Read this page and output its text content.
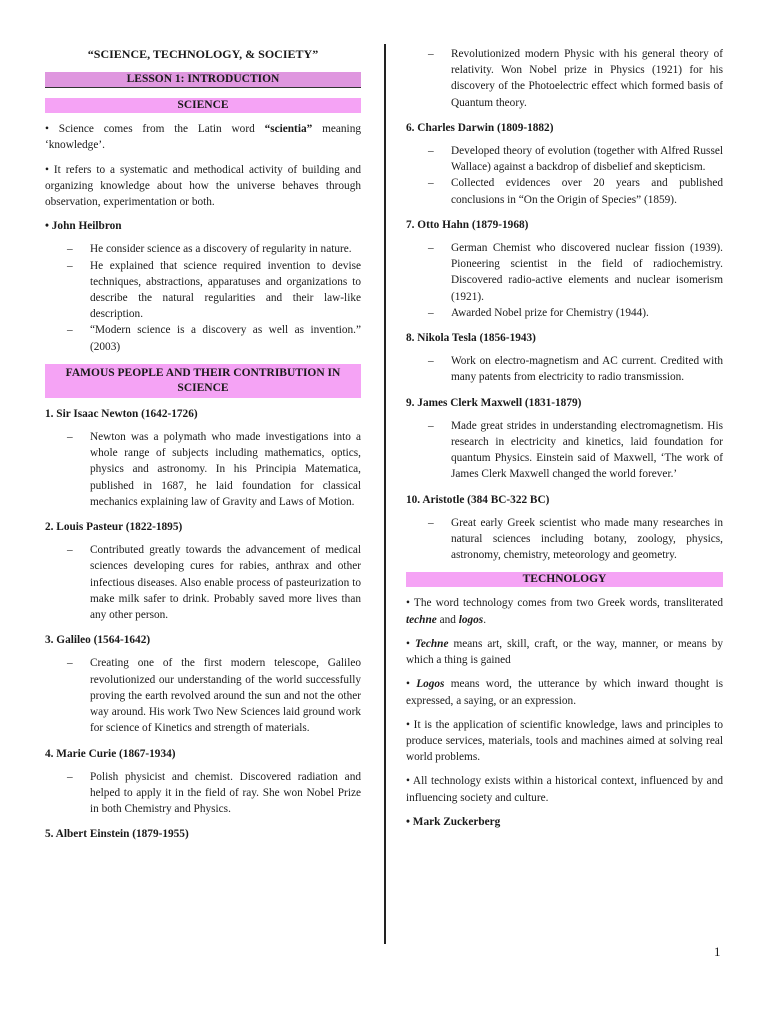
“SCIENCE, TECHNOLOGY, & SOCIETY”
LESSON 1: INTRODUCTION
SCIENCE

• Science comes from the Latin word “scientia” meaning ‘knowledge’.

• It refers to a systematic and methodical activity of building and organizing knowledge about how the universe behaves through observation, experimentation or both.

• John Heilbron
– He consider science as a discovery of regularity in nature.
– He explained that science required invention to devise techniques, abstractions, apparatuses and organizations to describe the natural regularities and their law-like description.
– “Modern science is a discovery as well as invention.” (2003)
FAMOUS PEOPLE AND THEIR CONTRIBUTION IN SCIENCE
1. Sir Isaac Newton (1642-1726)
– Newton was a polymath who made investigations into a whole range of subjects including mathematics, optics, physics and astronomy. In his Principia Matematica, published in 1687, he laid foundation for classical mechanics explaining law of Gravity and Laws of Motion.
2. Louis Pasteur (1822-1895)
– Contributed greatly towards the advancement of medical sciences developing cures for rabies, anthrax and other infectious diseases. Also enable process of pasteurization to make milk safer to drink. Probably saved more lives than any other person.
3. Galileo (1564-1642)
– Creating one of the first modern telescope, Galileo revolutionized our understanding of the world successfully proving the earth revolved around the sun and not the other way around. His work Two New Sciences laid ground work for science of Kinetics and strength of materials.
4. Marie Curie (1867-1934)
– Polish physicist and chemist. Discovered radiation and helped to apply it in the field of ray. She won Nobel Prize in both Chemistry and Physics.
5. Albert Einstein (1879-1955)
– Revolutionized modern Physic with his general theory of relativity. Won Nobel prize in Physics (1921) for his discovery of the Photoelectric effect which formed basis of Quantum theory.
6. Charles Darwin (1809-1882)
– Developed theory of evolution (together with Alfred Russel Wallace) against a backdrop of disbelief and skepticism.
– Collected evidences over 20 years and published conclusions in “On the Origin of Species” (1859).
7. Otto Hahn (1879-1968)
– German Chemist who discovered nuclear fission (1939). Pioneering scientist in the field of radiochemistry. Discovered radio-active elements and nuclear isomerism (1921).
– Awarded Nobel prize for Chemistry (1944).
8. Nikola Tesla (1856-1943)
– Work on electro-magnetism and AC current. Credited with many patents from electricity to radio transmission.
9. James Clerk Maxwell (1831-1879)
– Made great strides in understanding electromagnetism. His research in electricity and kinetics, laid foundation for quantum Physics. Einstein said of Maxwell, ‘The work of James Clerk Maxwell changed the world forever.’
10. Aristotle (384 BC-322 BC)
– Great early Greek scientist who made many researches in natural sciences including botany, zoology, physics, astronomy, chemistry, meteorology and geometry.
TECHNOLOGY

• The word technology comes from two Greek words, transliterated techne and logos.

• Techne means art, skill, craft, or the way, manner, or means by which a thing is gained

• Logos means word, the utterance by which inward thought is expressed, a saying, or an expression.

• It is the application of scientific knowledge, laws and principles to produce services, materials, tools and machines aimed at solving real world problems.

• All technology exists within a historical context, influenced by and influencing society and culture.

• Mark Zuckerberg
1
